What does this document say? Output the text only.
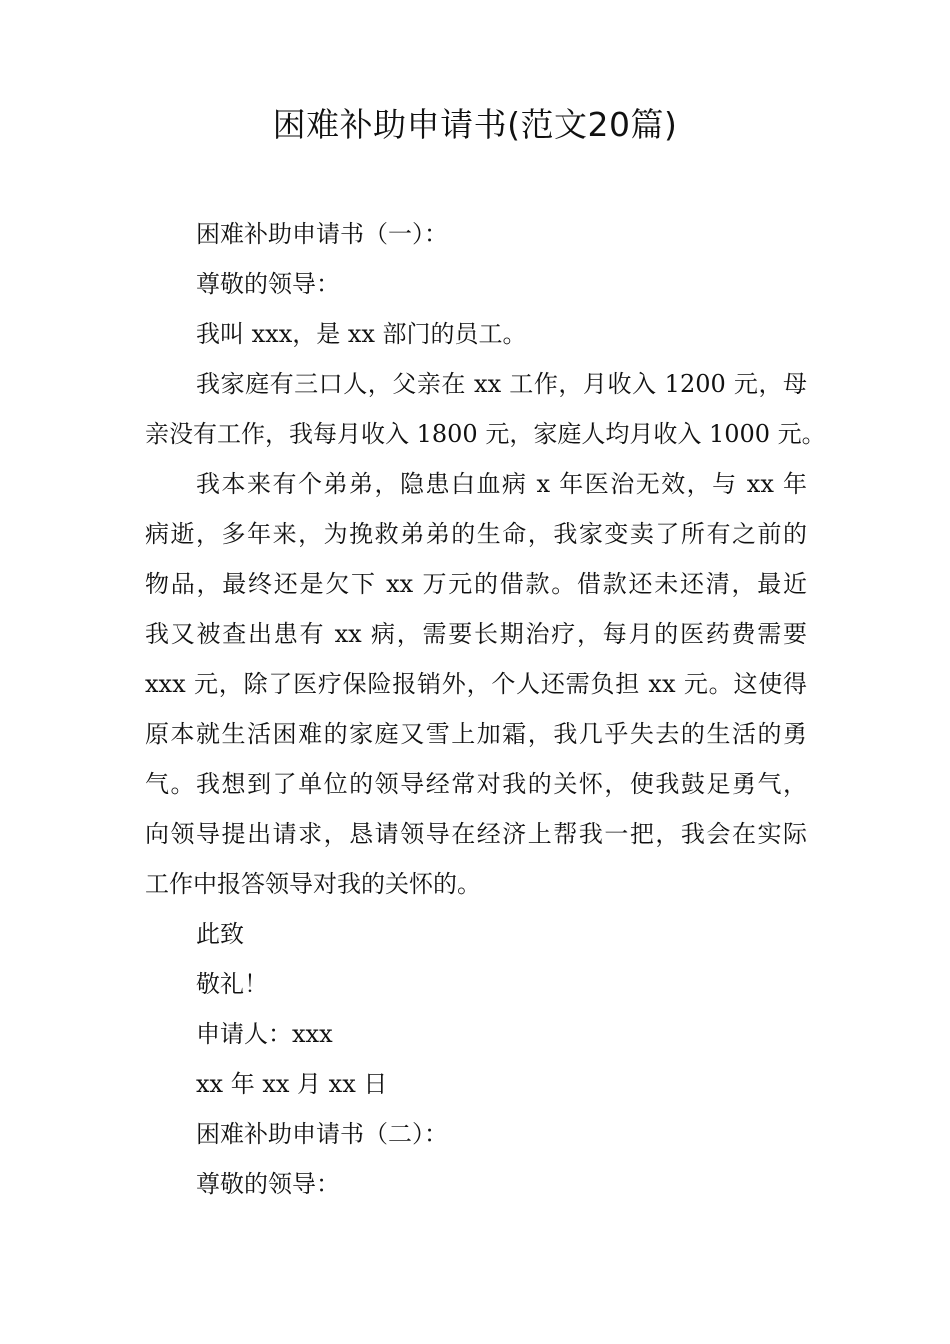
困难补助申请书(范文20篇)
困难补助申请书（一）：
尊敬的领导：
我叫 xxx，是 xx 部门的员工。
我家庭有三口人，父亲在 xx 工作，月收入 1200 元，母
亲没有工作，我每月收入 1800 元，家庭人均月收入 1000 元。
我本来有个弟弟，隐患白血病 x 年医治无效，与 xx 年
病逝，多年来，为挽救弟弟的生命，我家变卖了所有之前的
物品，最终还是欠下 xx 万元的借款。借款还未还清，最近
我又被查出患有 xx 病，需要长期治疗，每月的医药费需要
xxx 元，除了医疗保险报销外，个人还需负担 xx 元。这使得
原本就生活困难的家庭又雪上加霜，我几乎失去的生活的勇
气。我想到了单位的领导经常对我的关怀，使我鼓足勇气，
向领导提出请求，恳请领导在经济上帮我一把，我会在实际
工作中报答领导对我的关怀的。
此致
敬礼！
申请人：xxx
xx 年 xx 月 xx 日
困难补助申请书（二）：
尊敬的领导：
